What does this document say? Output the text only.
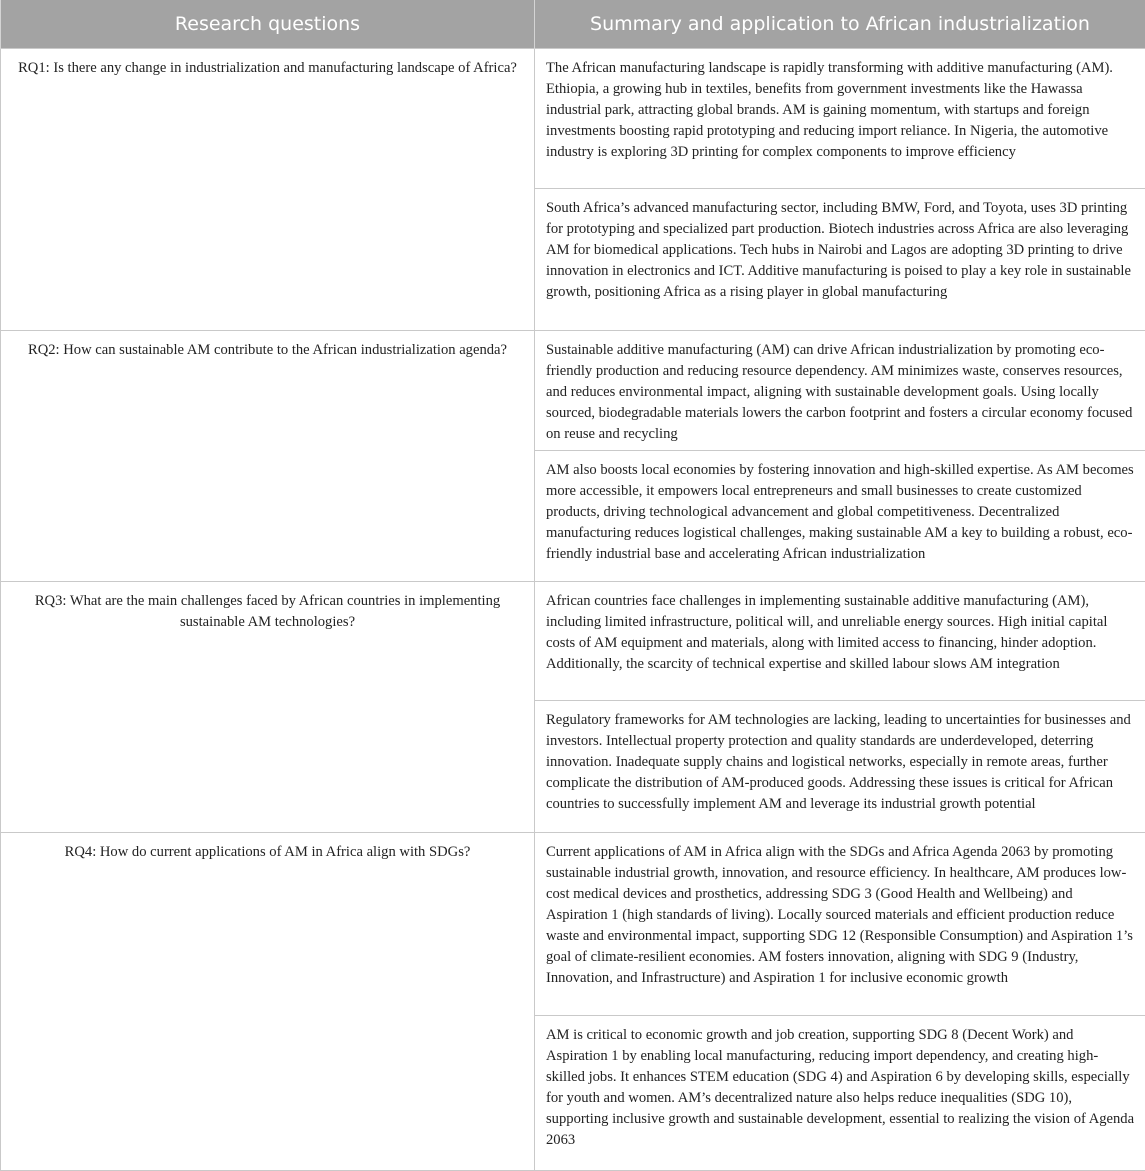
Research questions	Summary and application to African industrialization
RQ1: Is there any change in industrialization and manufacturing landscape of Africa?	The African manufacturing landscape is rapidly transforming with additive manufacturing (AM). Ethiopia, a growing hub in textiles, benefits from government investments like the Hawassa industrial park, attracting global brands. AM is gaining momentum, with startups and foreign investments boosting rapid prototyping and reducing import reliance. In Nigeria, the automotive industry is exploring 3D printing for complex components to improve efficiency
	South Africa’s advanced manufacturing sector, including BMW, Ford, and Toyota, uses 3D printing for prototyping and specialized part production. Biotech industries across Africa are also leveraging AM for biomedical applications. Tech hubs in Nairobi and Lagos are adopting 3D printing to drive innovation in electronics and ICT. Additive manufacturing is poised to play a key role in sustainable growth, positioning Africa as a rising player in global manufacturing
RQ2: How can sustainable AM contribute to the African industrialization agenda?	Sustainable additive manufacturing (AM) can drive African industrialization by promoting eco-friendly production and reducing resource dependency. AM minimizes waste, conserves resources, and reduces environmental impact, aligning with sustainable development goals. Using locally sourced, biodegradable materials lowers the carbon footprint and fosters a circular economy focused on reuse and recycling
	AM also boosts local economies by fostering innovation and high-skilled expertise. As AM becomes more accessible, it empowers local entrepreneurs and small businesses to create customized products, driving technological advancement and global competitiveness. Decentralized manufacturing reduces logistical challenges, making sustainable AM a key to building a robust, eco-friendly industrial base and accelerating African industrialization
RQ3: What are the main challenges faced by African countries in implementing sustainable AM technologies?	African countries face challenges in implementing sustainable additive manufacturing (AM), including limited infrastructure, political will, and unreliable energy sources. High initial capital costs of AM equipment and materials, along with limited access to financing, hinder adoption. Additionally, the scarcity of technical expertise and skilled labour slows AM integration
	Regulatory frameworks for AM technologies are lacking, leading to uncertainties for businesses and investors. Intellectual property protection and quality standards are underdeveloped, deterring innovation. Inadequate supply chains and logistical networks, especially in remote areas, further complicate the distribution of AM-produced goods. Addressing these issues is critical for African countries to successfully implement AM and leverage its industrial growth potential
RQ4: How do current applications of AM in Africa align with SDGs?	Current applications of AM in Africa align with the SDGs and Africa Agenda 2063 by promoting sustainable industrial growth, innovation, and resource efficiency. In healthcare, AM produces low-cost medical devices and prosthetics, addressing SDG 3 (Good Health and Wellbeing) and Aspiration 1 (high standards of living). Locally sourced materials and efficient production reduce waste and environmental impact, supporting SDG 12 (Responsible Consumption) and Aspiration 1’s goal of climate-resilient economies. AM fosters innovation, aligning with SDG 9 (Industry, Innovation, and Infrastructure) and Aspiration 1 for inclusive economic growth
	AM is critical to economic growth and job creation, supporting SDG 8 (Decent Work) and Aspiration 1 by enabling local manufacturing, reducing import dependency, and creating high-skilled jobs. It enhances STEM education (SDG 4) and Aspiration 6 by developing skills, especially for youth and women. AM’s decentralized nature also helps reduce inequalities (SDG 10), supporting inclusive growth and sustainable development, essential to realizing the vision of Agenda 2063
